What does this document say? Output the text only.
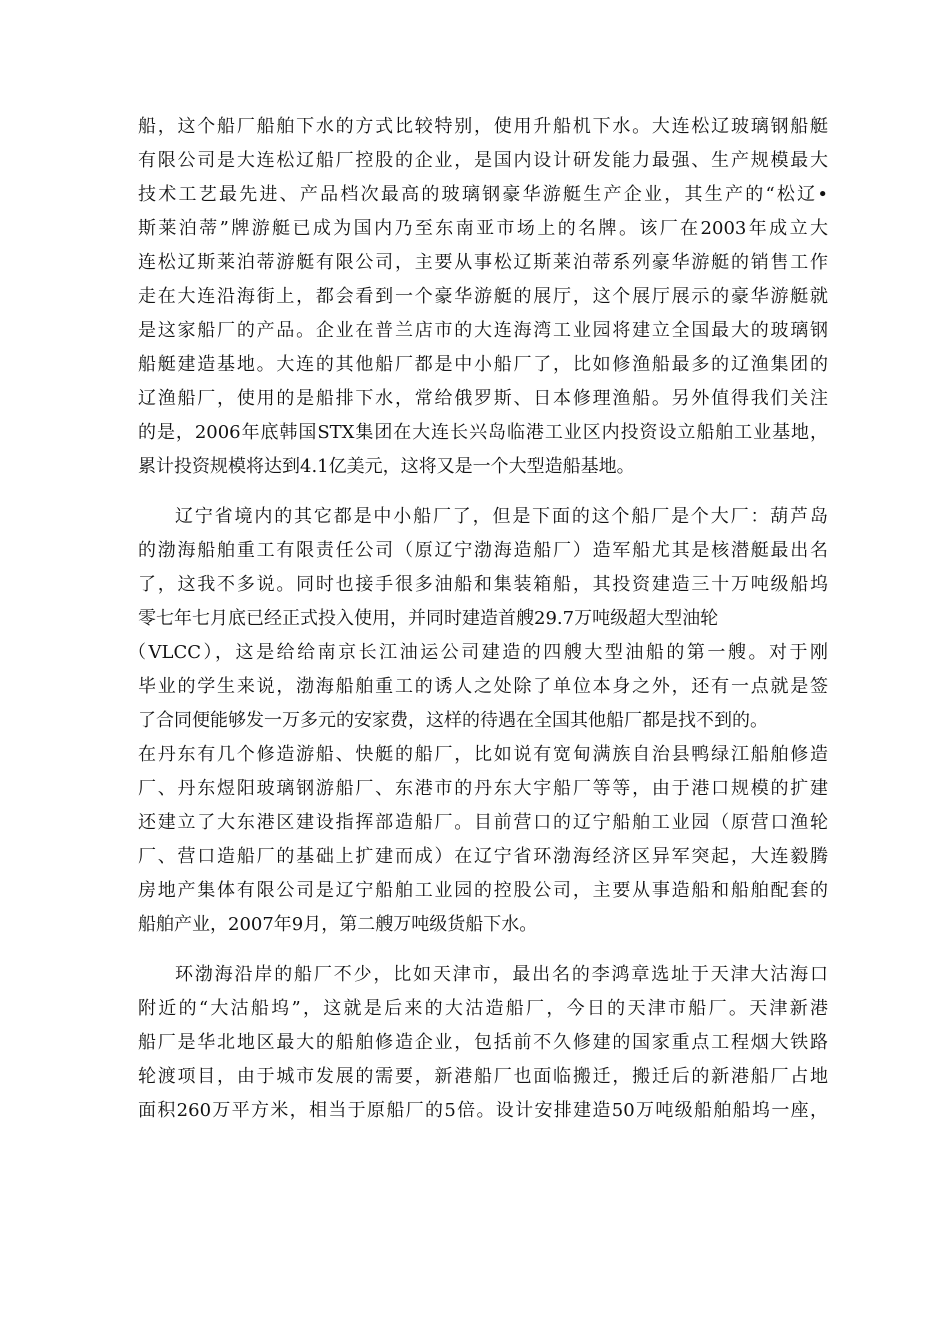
船，这个船厂船舶下水的方式比较特别，使用升船机下水。大连松辽玻璃钢船艇
有限公司是大连松辽船厂控股的企业，是国内设计研发能力最强、生产规模最大
技术工艺最先进、产品档次最高的玻璃钢豪华游艇生产企业，其生产的“松辽•
斯莱泊蒂”牌游艇已成为国内乃至东南亚市场上的名牌。该厂在2003年成立大
连松辽斯莱泊蒂游艇有限公司，主要从事松辽斯莱泊蒂系列豪华游艇的销售工作
走在大连沿海街上，都会看到一个豪华游艇的展厅，这个展厅展示的豪华游艇就
是这家船厂的产品。企业在普兰店市的大连海湾工业园将建立全国最大的玻璃钢
船艇建造基地。大连的其他船厂都是中小船厂了，比如修渔船最多的辽渔集团的
辽渔船厂，使用的是船排下水，常给俄罗斯、日本修理渔船。另外值得我们关注
的是，2006年底韩国STX集团在大连长兴岛临港工业区内投资设立船舶工业基地，
累计投资规模将达到4.1亿美元，这将又是一个大型造船基地。
辽宁省境内的其它都是中小船厂了，但是下面的这个船厂是个大厂：葫芦岛
的渤海船舶重工有限责任公司（原辽宁渤海造船厂）造军船尤其是核潜艇最出名
了，这我不多说。同时也接手很多油船和集装箱船，其投资建造三十万吨级船坞
零七年七月底已经正式投入使用，并同时建造首艘29.7万吨级超大型油轮
（VLCC），这是给给南京长江油运公司建造的四艘大型油船的第一艘。对于刚
毕业的学生来说，渤海船舶重工的诱人之处除了单位本身之外，还有一点就是签
了合同便能够发一万多元的安家费，这样的待遇在全国其他船厂都是找不到的。
在丹东有几个修造游船、快艇的船厂，比如说有宽甸满族自治县鸭绿江船舶修造
厂、丹东煜阳玻璃钢游船厂、东港市的丹东大宇船厂等等，由于港口规模的扩建
还建立了大东港区建设指挥部造船厂。目前营口的辽宁船舶工业园（原营口渔轮
厂、营口造船厂的基础上扩建而成）在辽宁省环渤海经济区异军突起，大连毅腾
房地产集体有限公司是辽宁船舶工业园的控股公司，主要从事造船和船舶配套的
船舶产业，2007年9月，第二艘万吨级货船下水。
环渤海沿岸的船厂不少，比如天津市，最出名的李鸿章选址于天津大沽海口
附近的“大沽船坞”，这就是后来的大沽造船厂，今日的天津市船厂。天津新港
船厂是华北地区最大的船舶修造企业，包括前不久修建的国家重点工程烟大铁路
轮渡项目，由于城市发展的需要，新港船厂也面临搬迁，搬迁后的新港船厂占地
面积260万平方米，相当于原船厂的5倍。设计安排建造50万吨级船舶船坞一座，
